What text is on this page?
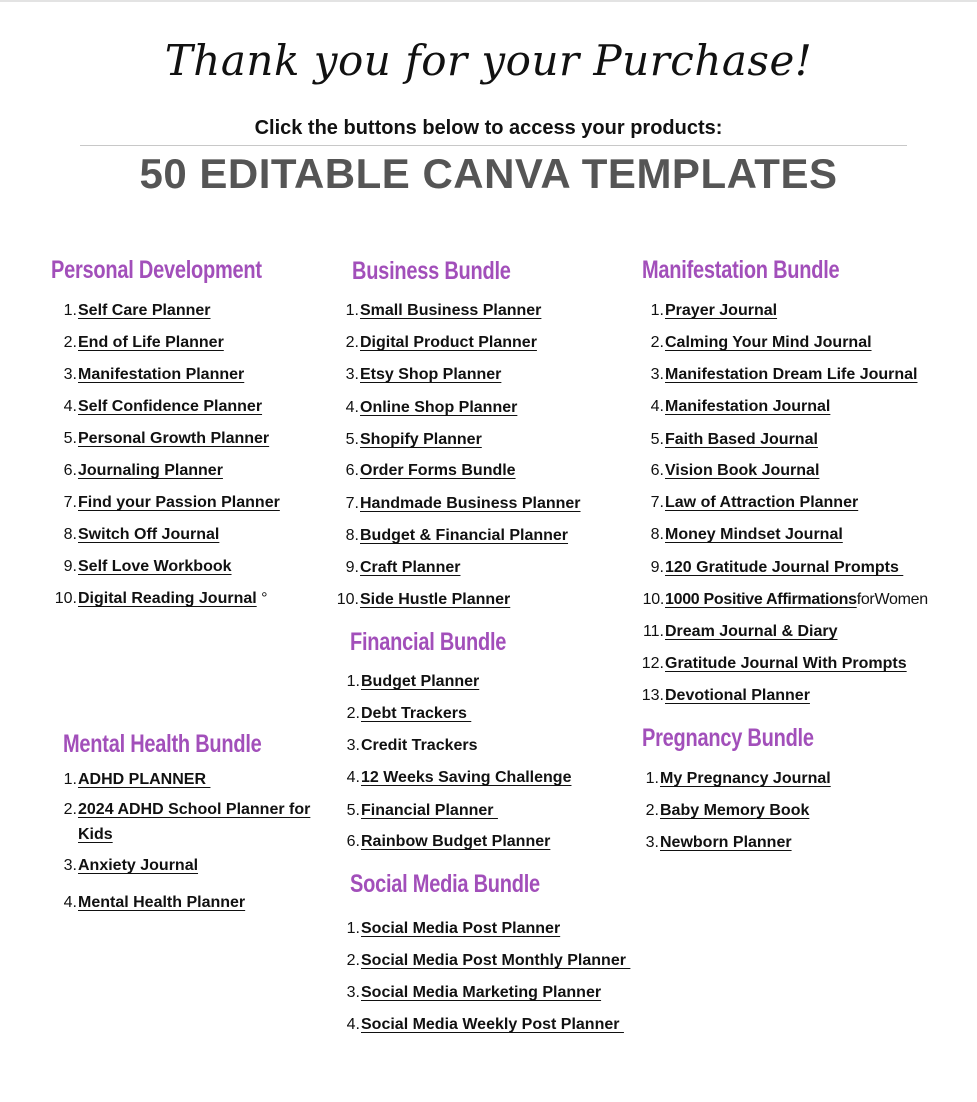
Thank you for your Purchase!
Click the buttons below to access your products:
50 EDITABLE CANVA TEMPLATES
Personal Development	Business Bundle	Manifestation Bundle
Financial Bundle
Pregnancy Bundle
Mental Health Bundle
Social Media Bundle
1. Self Care Planner
2. End of Life Planner
3. Manifestation Planner
4. Self Confidence Planner
5. Personal Growth Planner
6. Journaling Planner
7. Find your Passion Planner
8. Switch Off Journal
9. Self Love Workbook
10. Digital Reading Journal °
1. Small Business Planner
2. Digital Product Planner
3. Etsy Shop Planner
4. Online Shop Planner
5. Shopify Planner
6. Order Forms Bundle
7. Handmade Business Planner
8. Budget & Financial Planner
9. Craft Planner
10. Side Hustle Planner
1. Prayer Journal
2. Calming Your Mind Journal
3. Manifestation Dream Life Journal
4. Manifestation Journal
5. Faith Based Journal
6. Vision Book Journal
7. Law of Attraction Planner
8. Money Mindset Journal
9. 120 Gratitude Journal Prompts
10. 1000 Positive AffirmationsforWomen
11. Dream Journal & Diary
12. Gratitude Journal With Prompts
13. Devotional Planner
1. Budget Planner
2. Debt Trackers
3. Credit Trackers
4. 12 Weeks Saving Challenge
5. Financial Planner
6. Rainbow Budget Planner
1. My Pregnancy Journal
2. Baby Memory Book
3. Newborn Planner
1. ADHD PLANNER
2. 2024 ADHD School Planner for Kids
3. Anxiety Journal
4. Mental Health Planner
1. Social Media Post Planner
2. Social Media Post Monthly Planner
3. Social Media Marketing Planner
4. Social Media Weekly Post Planner
